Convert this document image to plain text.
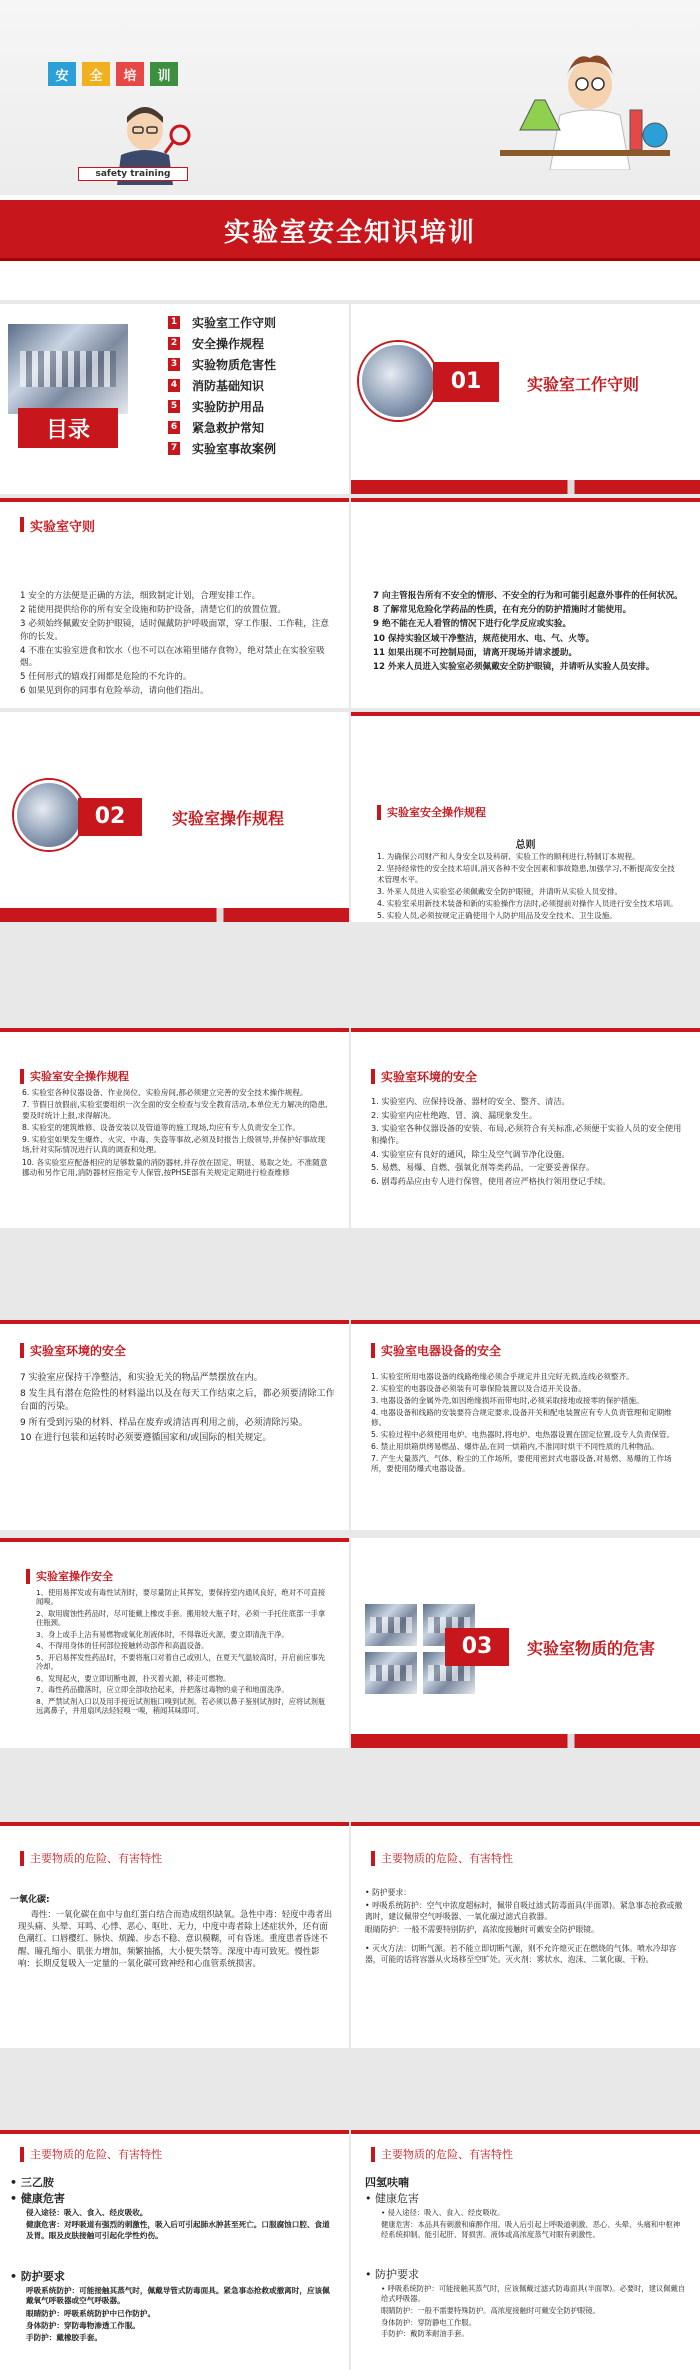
安	全	培	训
safety training
实验室安全知识培训
目录
1 实验室工作守则
2 安全操作规程
3 实验物质危害性
4 消防基础知识
5 实验防护用品
6 紧急救护常知
7 实验室事故案例
01	实验室工作守则
实验室守则

1 安全的方法便是正确的方法，细致制定计划，合理安排工作。

2 能使用提供给你的所有安全设施和防护设备，清楚它们的放置位置。

3 必须始终佩戴安全防护眼镜，适时佩戴防护呼吸面罩，穿工作服、工作鞋，注意你的长发。

4 不准在实验室进食和饮水（也不可以在冰箱里储存食物），绝对禁止在实验室吸烟。

5 任何形式的嬉戏打闹都是危险的不允许的。

6 如果见到你的同事有危险举动，请向他们指出。

7 向主管报告所有不安全的情形、不安全的行为和可能引起意外事件的任何状况。

8 了解常见危险化学药品的性质，在有充分的防护措施时才能使用。

9 绝不能在无人看管的情况下进行化学反应或实验。

10 保持实验区域干净整洁，规范使用水、电、气、火等。

11 如果出现不可控制局面，请离开现场并请求援助。

12 外来人员进入实验室必须佩戴安全防护眼镜，并请听从实验人员安排。

02	实验室操作规程	实验室安全操作规程
总则

1. 为确保公司财产和人身安全以及科研、实验工作的顺利进行,特制订本规程。

2. 坚持经常性的安全技术培训,消灭各种不安全因素和事故隐患,加强学习,不断提高安全技术管理水平。

3. 外来人员进入实验室必须佩戴安全防护眼镜，并请听从实验人员安排。

4. 实验室采用新技术装备和新的实验操作方法时,必须提前对操作人员进行安全技术培训。

5. 实验人员,必须按规定正确使用个人防护用品及安全技术、卫生设施。

实验室安全操作规程

6. 实验室各种仪器设备、作业岗位、实验房间,都必须建立完善的安全技术操作规程。

7. 节假日放假前,实验室要组织一次全面的安全检查与安全教育活动,本单位无力解决的隐患,要及时统计上报,求得解决。

8. 实验室的建筑维修、设备安装以及管道等的施工现场,均应有专人负责安全工作。

9. 实验室如果发生爆炸、火灾、中毒、失盗等事故,必须及时报告上级领导,并保护好事故现场,针对实际情况进行认真的调查和处理。

10. 各实验室应配备相应的足够数量的消防器材,并存放在固定、明显、易取之处。不准随意挪动和另作它用,消防器材应指定专人保管,按PHSE部有关规定定期进行检查维修

实验室环境的安全

1. 实验室内、应保持设备、器材的安全、整齐、清洁。

2. 实验室内应杜绝跑、冒、滴、漏现象发生。

3. 实验室各种仪器设备的安装、布局,必须符合有关标准,必须便于实验人员的安全使用和操作。

4. 实验室应有良好的通风，除尘及空气调节净化设施。

5. 易燃、易爆、自燃、强氧化剂等类药品，一定要妥善保存。

6. 剧毒药品应由专人进行保管，使用者应严格执行领用登记手续。

实验室环境的安全

7 实验室应保持干净整洁，和实验无关的物品严禁摆放在内。

8 发生具有潜在危险性的材料溢出以及在每天工作结束之后，都必须要清除工作台面的污染。

9 所有受到污染的材料、样品在废弃或清洁再利用之前，必须清除污染。

10 在进行包装和运转时必须要遵循国家和/或国际的相关规定。

实验室电器设备的安全

1. 实验室所用电器设备的线路绝缘必须合乎规定并且完好无损,连线必须整齐。

2. 实验室的电器设备必须装有可靠保险装置以及合适开关设备。

3. 电器设备的金属外壳,如因绝缘损坏而带电时,必须采取接地或接零的保护措施。

4. 电器设备和线路的安装要符合规定要求,设备开关和配电装置应有专人负责管理和定期维修。

5. 实验过程中必须使用电炉、电热器时,将电炉、电热器设置在固定位置,设专人负责保管。

6. 禁止用烘箱烘烤易燃品、爆炸品,在同一烘箱内,不准同时烘干不同性质的几种物品。

7. 产生大量蒸汽、气体、粉尘的工作场所，要使用密封式电器设备,对易燃、易爆的工作场所，要使用防爆式电器设备。

实验室操作安全

1、使用易挥发或有毒性试剂时，要尽量防止其挥发，要保持室内通风良好，绝对不可直接闻嗅。

2、取用腐蚀性药品时，尽可能戴上橡皮手套。搬用较大瓶子时，必须一手托住底部一手拿住瓶颈。

3、身上或手上沾有易燃物或氧化剂液体时，不得靠近火源，要立即清洗干净。

4、不得用身体的任何部位接触转动部件和高温设备。

5、开启易挥发性药品时，不要将瓶口对着自己或别人，在夏天气温较高时，开启前应事先冷却。

6、发现起火，要立即切断电源，扑灭着火源，移走可燃物。

7、毒性药品撒落时，应立即全部收拾起来，并把落过毒物的桌子和地面洗净。

8、严禁试剂入口以及用手接近试剂瓶口嗅到试剂。若必须以鼻子鉴别试剂时，应将试剂瓶远离鼻子，并用扇风法轻轻嗅一嗅，稍闻其味即可。

03	实验室物质的危害
主要物质的危险、有害特性
一氧化碳:

毒性：一氧化碳在血中与血红蛋白结合而造成组织缺氧。急性中毒：轻度中毒者出现头痛、头晕、耳鸣、心悸、恶心、呕吐、无力，中度中毒者除上述症状外，还有面色潮红、口唇樱红、脉快、烦躁、步态不稳、意识模糊，可有昏迷。重度患者昏迷不醒、瞳孔缩小、肌张力增加，频繁抽搐，大小便失禁等。深度中毒可致死。慢性影响：长期反复吸入一定量的一氧化碳可致神经和心血管系统损害。

主要物质的危险、有害特性

• 防护要求：

• 呼吸系统防护：空气中浓度超标时，佩带自吸过滤式防毒面具(半面罩)。紧急事态抢救或撤离时，建议佩带空气呼吸器、一氧化碳过滤式自救器。

眼睛防护：一般不需要特别防护，高浓度接触时可戴安全防护眼镜。

• 灭火方法：切断气源。若不能立即切断气源，则不允许熄灭正在燃烧的气体。喷水冷却容器，可能的话将容器从火场移至空旷处。灭火剂：雾状水、泡沫、二氧化碳、干粉。

主要物质的危险、有害特性
• 三乙胺
• 健康危害

侵入途径：吸入、食入、经皮吸收。

健康危害：对呼吸道有强烈的刺激性，吸入后可引起肺水肿甚至死亡。口服腐蚀口腔、食道及胃。眼及皮肤接触可引起化学性灼伤。

• 防护要求

呼吸系统防护：可能接触其蒸气时，佩戴导管式防毒面具。紧急事态抢救或撤离时，应该佩戴氧气呼吸器或空气呼吸器。

眼睛防护：呼吸系统防护中已作防护。

身体防护：穿防毒物渗透工作服。

手防护：戴橡胶手套。

主要物质的危险、有害特性
四氢呋喃
• 健康危害

• 侵入途径：吸入、食入、经皮吸收。

健康危害：本品具有刺激和麻醉作用。吸入后引起上呼吸道刺激、恶心、头晕、头痛和中枢神经系统抑制。能引起肝、肾损害。液体或高浓度蒸气对眼有刺激性。

• 防护要求

• 呼吸系统防护：可能接触其蒸气时，应该佩戴过滤式防毒面具(半面罩)。必要时，建议佩戴自给式呼吸器。

眼睛防护：一般不需要特殊防护。高浓度接触时可戴安全防护眼镜。

身体防护：穿防静电工作服。

手防护：戴防苯耐油手套。
